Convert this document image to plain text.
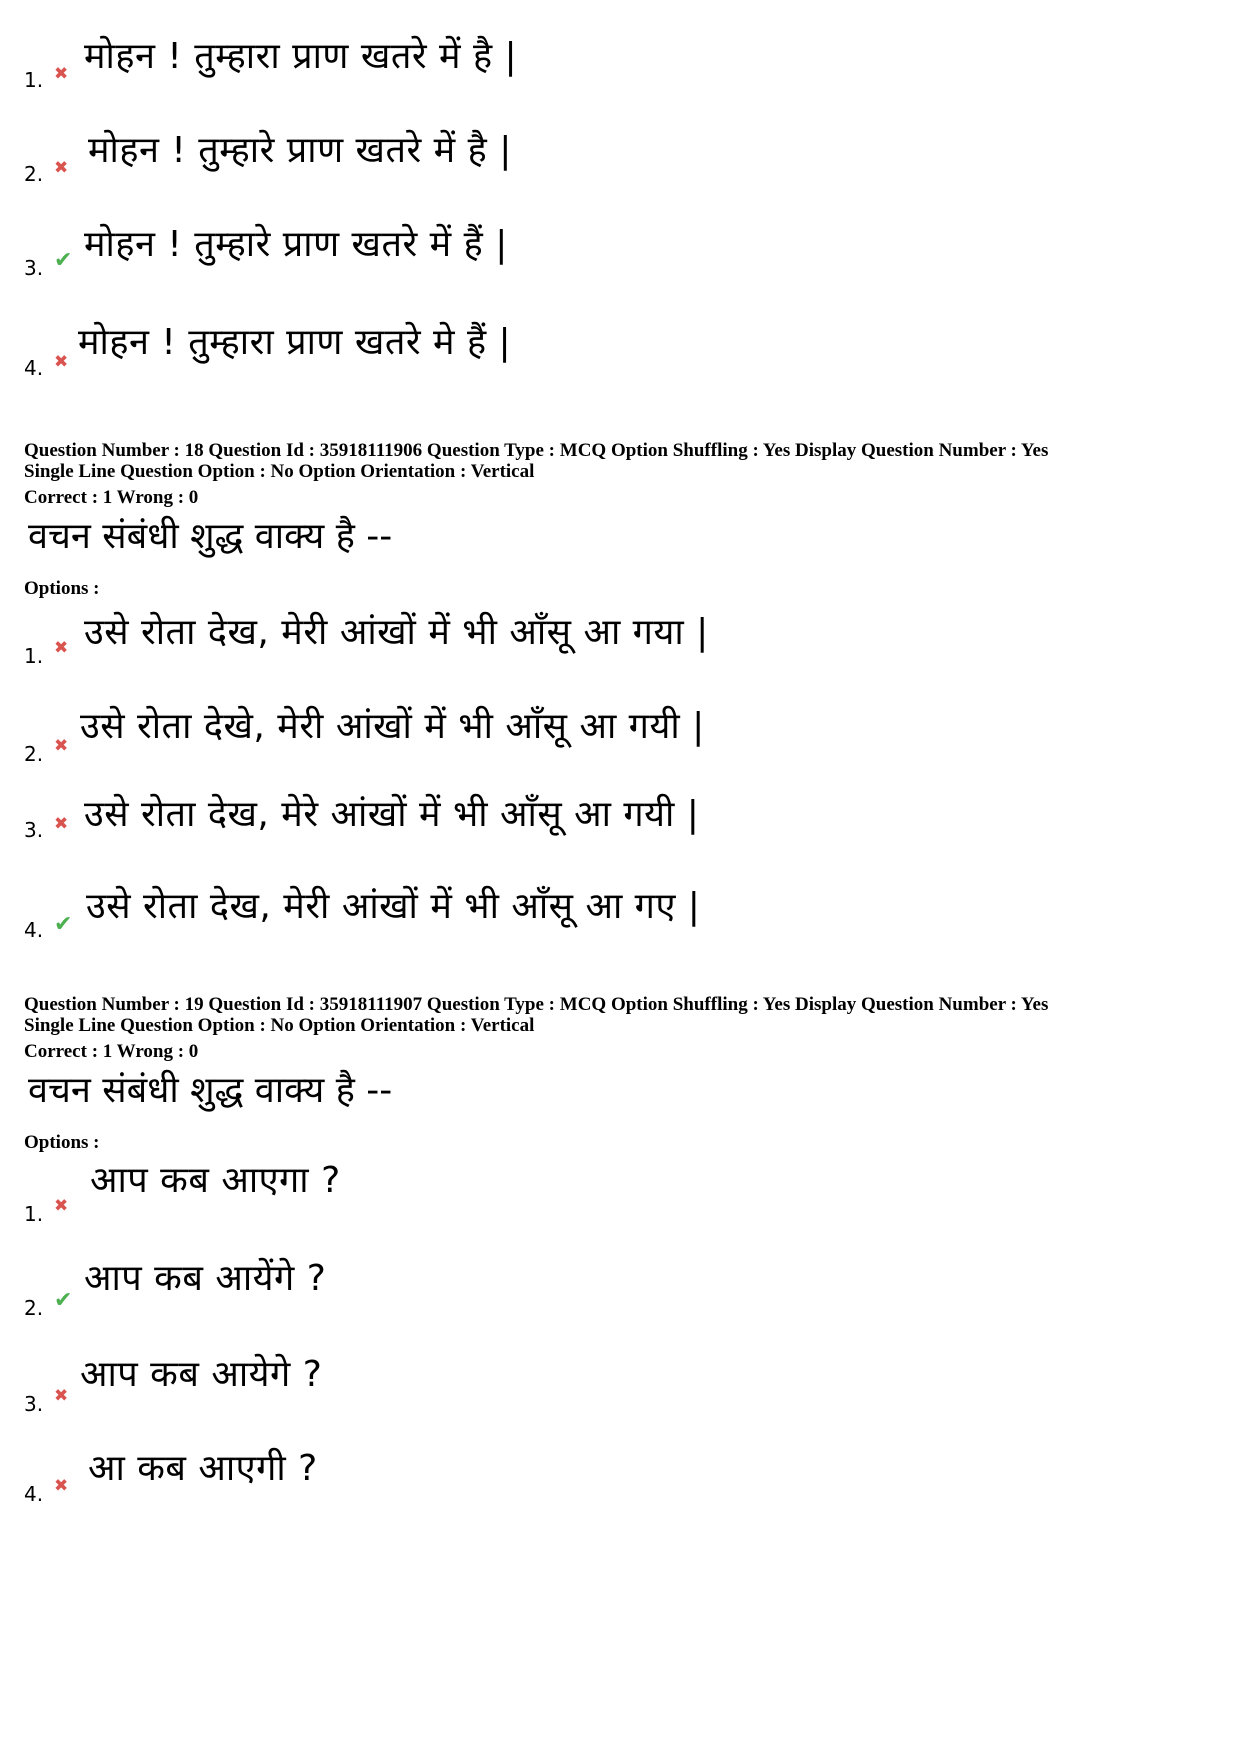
1. ✖ मोहन ! तुम्हारा प्राण खतरे में है |
2. ✖ मोहन ! तुम्हारे प्राण खतरे में है |
3. ✔ मोहन ! तुम्हारे प्राण खतरे में हैं |
4. ✖ मोहन ! तुम्हारा प्राण खतरे मे हैं |
Question Number : 18 Question Id : 35918111906 Question Type : MCQ Option Shuffling : Yes Display Question Number : Yes
Single Line Question Option : No Option Orientation : Vertical
Correct : 1 Wrong : 0
वचन संबंधी शुद्ध वाक्य है --
Options :
1. ✖ उसे रोता देख, मेरी आंखों में भी आँसू आ गया |
2. ✖ उसे रोता देखे, मेरी आंखों में भी आँसू आ गयी |
3. ✖ उसे रोता देख, मेरे आंखों में भी आँसू आ गयी |
4. ✔ उसे रोता देख, मेरी आंखों में भी आँसू आ गए |
Question Number : 19 Question Id : 35918111907 Question Type : MCQ Option Shuffling : Yes Display Question Number : Yes
Single Line Question Option : No Option Orientation : Vertical
Correct : 1 Wrong : 0
वचन संबंधी शुद्ध वाक्य है --
Options :
1. ✖
आप कब आएगा ?
2. ✔
आप कब आयेंगे ?
3. ✖
आप कब आयेगे ?
4. ✖ आ कब आएगी ?
